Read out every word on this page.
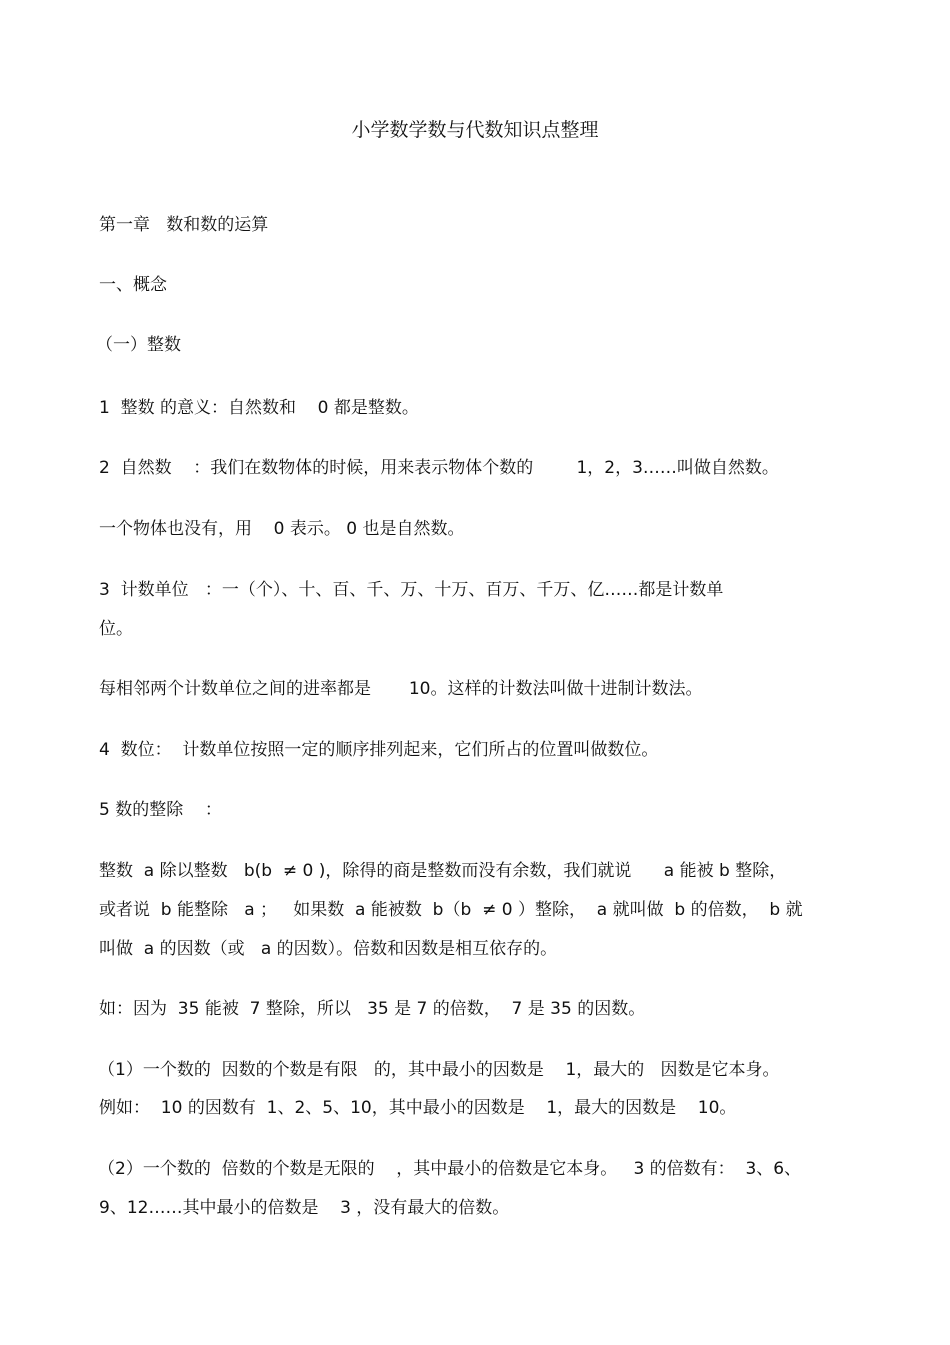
小学数学数与代数知识点整理
第一章   数和数的运算
一、概念
（一）整数
1  整数 的意义：自然数和    0 都是整数。
2  自然数    ：我们在数物体的时候，用来表示物体个数的        1，2，3……叫做自然数。
一个物体也没有，用    0 表示。 0 也是自然数。
3  计数单位   ：一（个）、十、百、千、万、十万、百万、千万、亿……都是计数单
位。
每相邻两个计数单位之间的进率都是       10。这样的计数法叫做十进制计数法。
4  数位：  计数单位按照一定的顺序排列起来，它们所占的位置叫做数位。
5 数的整除    ：
整数  a 除以整数   b(b  ≠ 0 )，除得的商是整数而没有余数，我们就说      a 能被 b 整除，
或者说  b 能整除   a ；   如果数  a 能被数  b（b  ≠ 0 ）整除，  a 就叫做  b 的倍数，  b 就
叫做  a 的因数（或   a 的因数）。倍数和因数是相互依存的。
如：因为  35 能被  7 整除，所以   35 是 7 的倍数，  7 是 35 的因数。
（1）一个数的  因数的个数是有限   的，其中最小的因数是    1，最大的   因数是它本身。
例如：  10 的因数有  1、2、5、10，其中最小的因数是    1，最大的因数是    10。
（2）一个数的  倍数的个数是无限的    ，其中最小的倍数是它本身。   3 的倍数有：  3、6、
9、12……其中最小的倍数是    3 ，没有最大的倍数。
